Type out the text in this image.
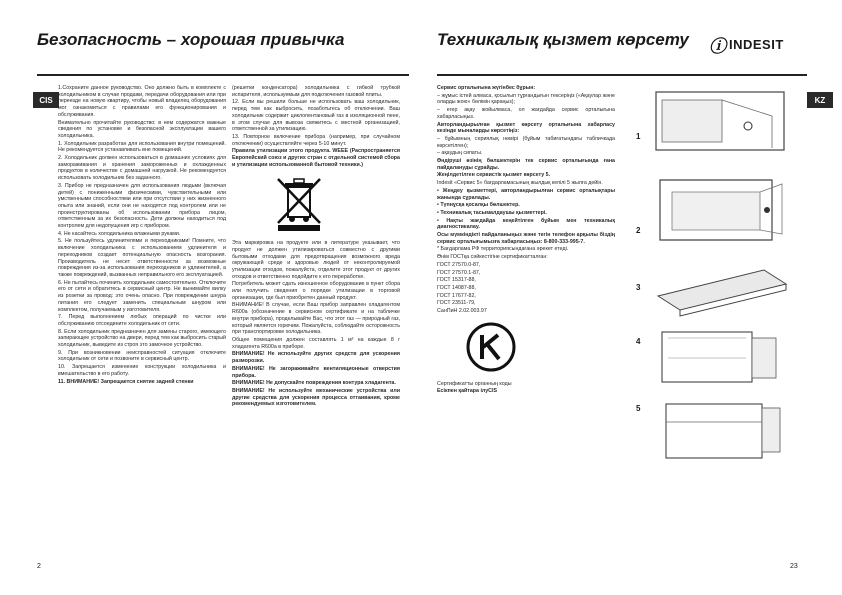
Безопасность – хорошая привычка	Техникалық қызмет көрсету ⓘ INDESIT
CIS	KZ

1.Сохраните данное руководство. Оно должно быть в комплекте с холодильником в случае продажи, передачи оборудования или при переезде на новую квартиру, чтобы новый владелец оборудования мог ознакомиться с правилами его функционирования и обслуживания.

Внимательно прочитайте руководство: в нем содержатся важные сведения по установке и безопасной эксплуатации вашего холодильника.

1. Холодильник разработан для использования внутри помещений. Не рекомендуется устанавливать вне помещений.

2. Холодильник должен использоваться в домашних условиях для замораживания и хранения замороженных и охлажденных продуктов в количестве с домашней нагрузкой. Не рекомендуется использовать холодильник без заданного.

3. Прибор не предназначен для использования людьми (включая детей) с пониженными физическими, чувствительными или умственными способностями или при отсутствии у них жизненного опыта или знаний, если они не находятся под контролем или не проинструктированы об использовании прибора лицом, ответственным за их безопасность. Дети должны находиться под контролем для недопущения игр с прибором.

4. Не касайтесь холодильника влажными руками.

5. Не пользуйтесь удлинителями и переходниками! Помните, что включение холодильника с использованием удлинителя и переходников создает потенциальную опасность возгорания. Производитель не несет ответственности за возможные повреждения из-за использования переходников и удлинителей, а также повреждений, вызванных неправильного его эксплуатацией.

6. Не пытайтесь починить холодильник самостоятельно. Отключите его от сети и обратитесь в сервисный центр. Не вынимайте вилку из розетки за провод: это очень опасно. При повреждении шнура питания его следует заменить специальным шнуром или комплектом, получаемым у изготовителя.

7. Перед выполнением любых операций по чистке или обслуживанию отсоедините холодильник от сети.

8. Если холодильник предназначен для замены старого, имеющего запирающее устройство на двери, перед тем как выбросить старый холодильник, выведите из строя это замочное устройство.

9. При возникновении неисправностей ситуация отключите холодильник от сети и позвоните в сервисный центр.

10. Запрещается изменение конструкции холодильника и вмешательство в его работу.

11. ВНИМАНИЕ! Запрещается снятие задней стенки

(решетки конденсатора) холодильника с гибкой трубкой испарителя, используемым для подключения газовой плиты.

12. Если вы решили больше не использовать ваш холодильник, перед тем как выбросить, позаботьтесь об отключении. Ваш холодильник содержит циклопентановый газ в изоляционной пене, в этом случае для вывоза свяжитесь с местной организацией, ответственной за утилизацию.

13. Повторное включение прибора (например, при случайном отключении) осуществляйте через 5-10 минут.

Правила утилизации этого продукта. WEEE (Распространяется Европейский союз и других стран с отдельной системой сбора и утилизации использованной бытовой техники.)

Эта маркировка на продукте или в литературе указывает, что продукт не должен утилизироваться совместно с другими бытовыми отходами для предотвращения возможного вреда окружающей среде и здоровью людей от неконтролируемой утилизации отходов, пожалуйста, отделите этот продукт от других отходов и ответственно подойдите к его переработке.

Потребитель может сдать изношенное оборудование в пункт сбора или получить сведения о порядке утилизации в торговой организации, где был приобретен данный продукт.

ВНИМАНИЕ! В случае, если Ваш прибор заправлен хладагентом R600a (обозначение в сервисном сертификате и на табличке внутри прибора), проделывайте Вас, что этот газ — природный газ, который является горючим. Пожалуйста, соблюдайте осторожность при транспортировке холодильника.

Общее помещения должен составлять 1 м³ на каждые 8 г хладагента R600a в приборе.

ВНИМАНИЕ! Не используйте других средств для ускорения разморозки.

ВНИМАНИЕ! Не загораживайте вентиляционные отверстия прибора.

ВНИМАНИЕ! Не допускайте повреждения контура хладагента.

ВНИМАНИЕ! Не используйте механические устройства или другие средства для ускорения процесса оттаивания, кроме рекомендуемых изготовителем.

Сервис орталығына жүгінбес бұрын:

– жұмыс істей алмаса, қосылып тұрғандығын тексеріңіз («Ақаулар және оларды жою» бөлімін қараңыз);

– егер ақау жойылмаса, ол жағдайда сервис орталығына хабарласыңыз.

Авторландырылған қызмет көрсету орталығына хабарласу кезінде мыналарды көрсетіңіз:

– бұйымның сериялық нөмірі (бұйым табиғатындағы табличкада көрсетілген);

– ақаудың сипаты.

Өндіруші өзінің бөлшектерін тек сервис орталығында ғана пайдалануды сұрайды.

Жеңілдетілген сервистік қызмет көрсету 5.

Indesit «Сервис 5» бағдарламасының жылдық кепілі 5 жылға дейін.

• Жеңдеу қызметтері, авторландырылған сервис орталықтары жанында сұралады.

• Түпнұсқа қосалқы бөлшектер.

• Техникалық тасымалдаушы қызметтері.

• Нақты жағдайда кеңейтілген бұйым мен техникалық диагностикалау.

Осы мүмкіндікті пайдаланыңыз және тегін телефон арқылы біздің сервис орталығымызға хабарласыңыз: 8-800-333-995-7.

* Бағдарлама РФ территориясындағана әрекет етеді.

Өнім ГОСТқа сәйкестігіне сертификатталған:

ГОСТ 27570.0-87,

ГОСТ 27570.1-87,

ГОСТ 15317-88,

ГОСТ 14087-88,

ГОСТ 17677-82,

ГОСТ 23511-79,

СанПиН 2.02.003.97

Сертификатты органның коды

Есікпен қайтара ілуСІS

1
2
3
4
5
2	23
